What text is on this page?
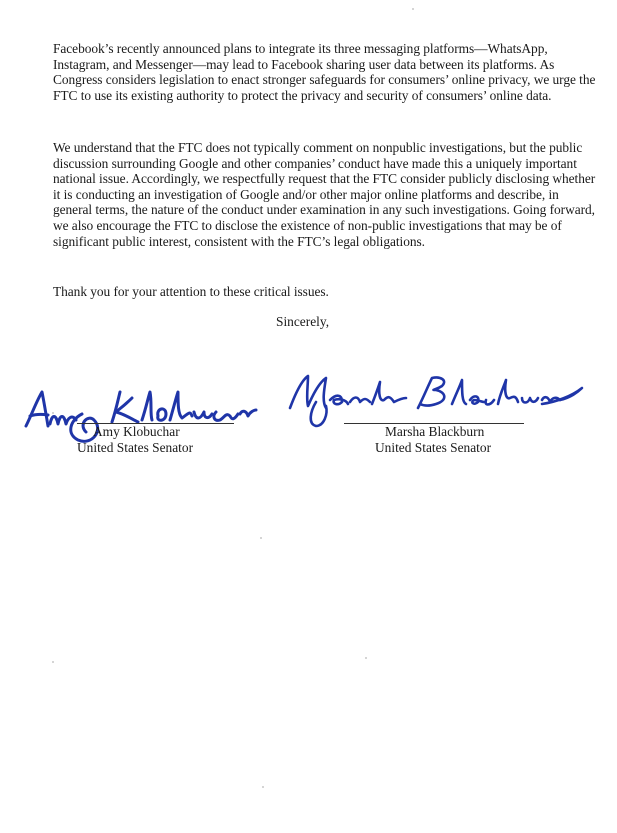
Facebook’s recently announced plans to integrate its three messaging platforms—WhatsApp, Instagram, and Messenger—may lead to Facebook sharing user data between its platforms. As Congress considers legislation to enact stronger safeguards for consumers’ online privacy, we urge the FTC to use its existing authority to protect the privacy and security of consumers’ online data.

We understand that the FTC does not typically comment on nonpublic investigations, but the public discussion surrounding Google and other companies’ conduct have made this a uniquely important national issue. Accordingly, we respectfully request that the FTC consider publicly disclosing whether it is conducting an investigation of Google and/or other major online platforms and describe, in general terms, the nature of the conduct under examination in any such investigations. Going forward, we also encourage the FTC to disclose the existence of non-public investigations that may be of significant public interest, consistent with the FTC’s legal obligations.

Thank you for your attention to these critical issues.

Sincerely,
Amy Klobuchar
United States Senator
Marsha Blackburn
United States Senator
